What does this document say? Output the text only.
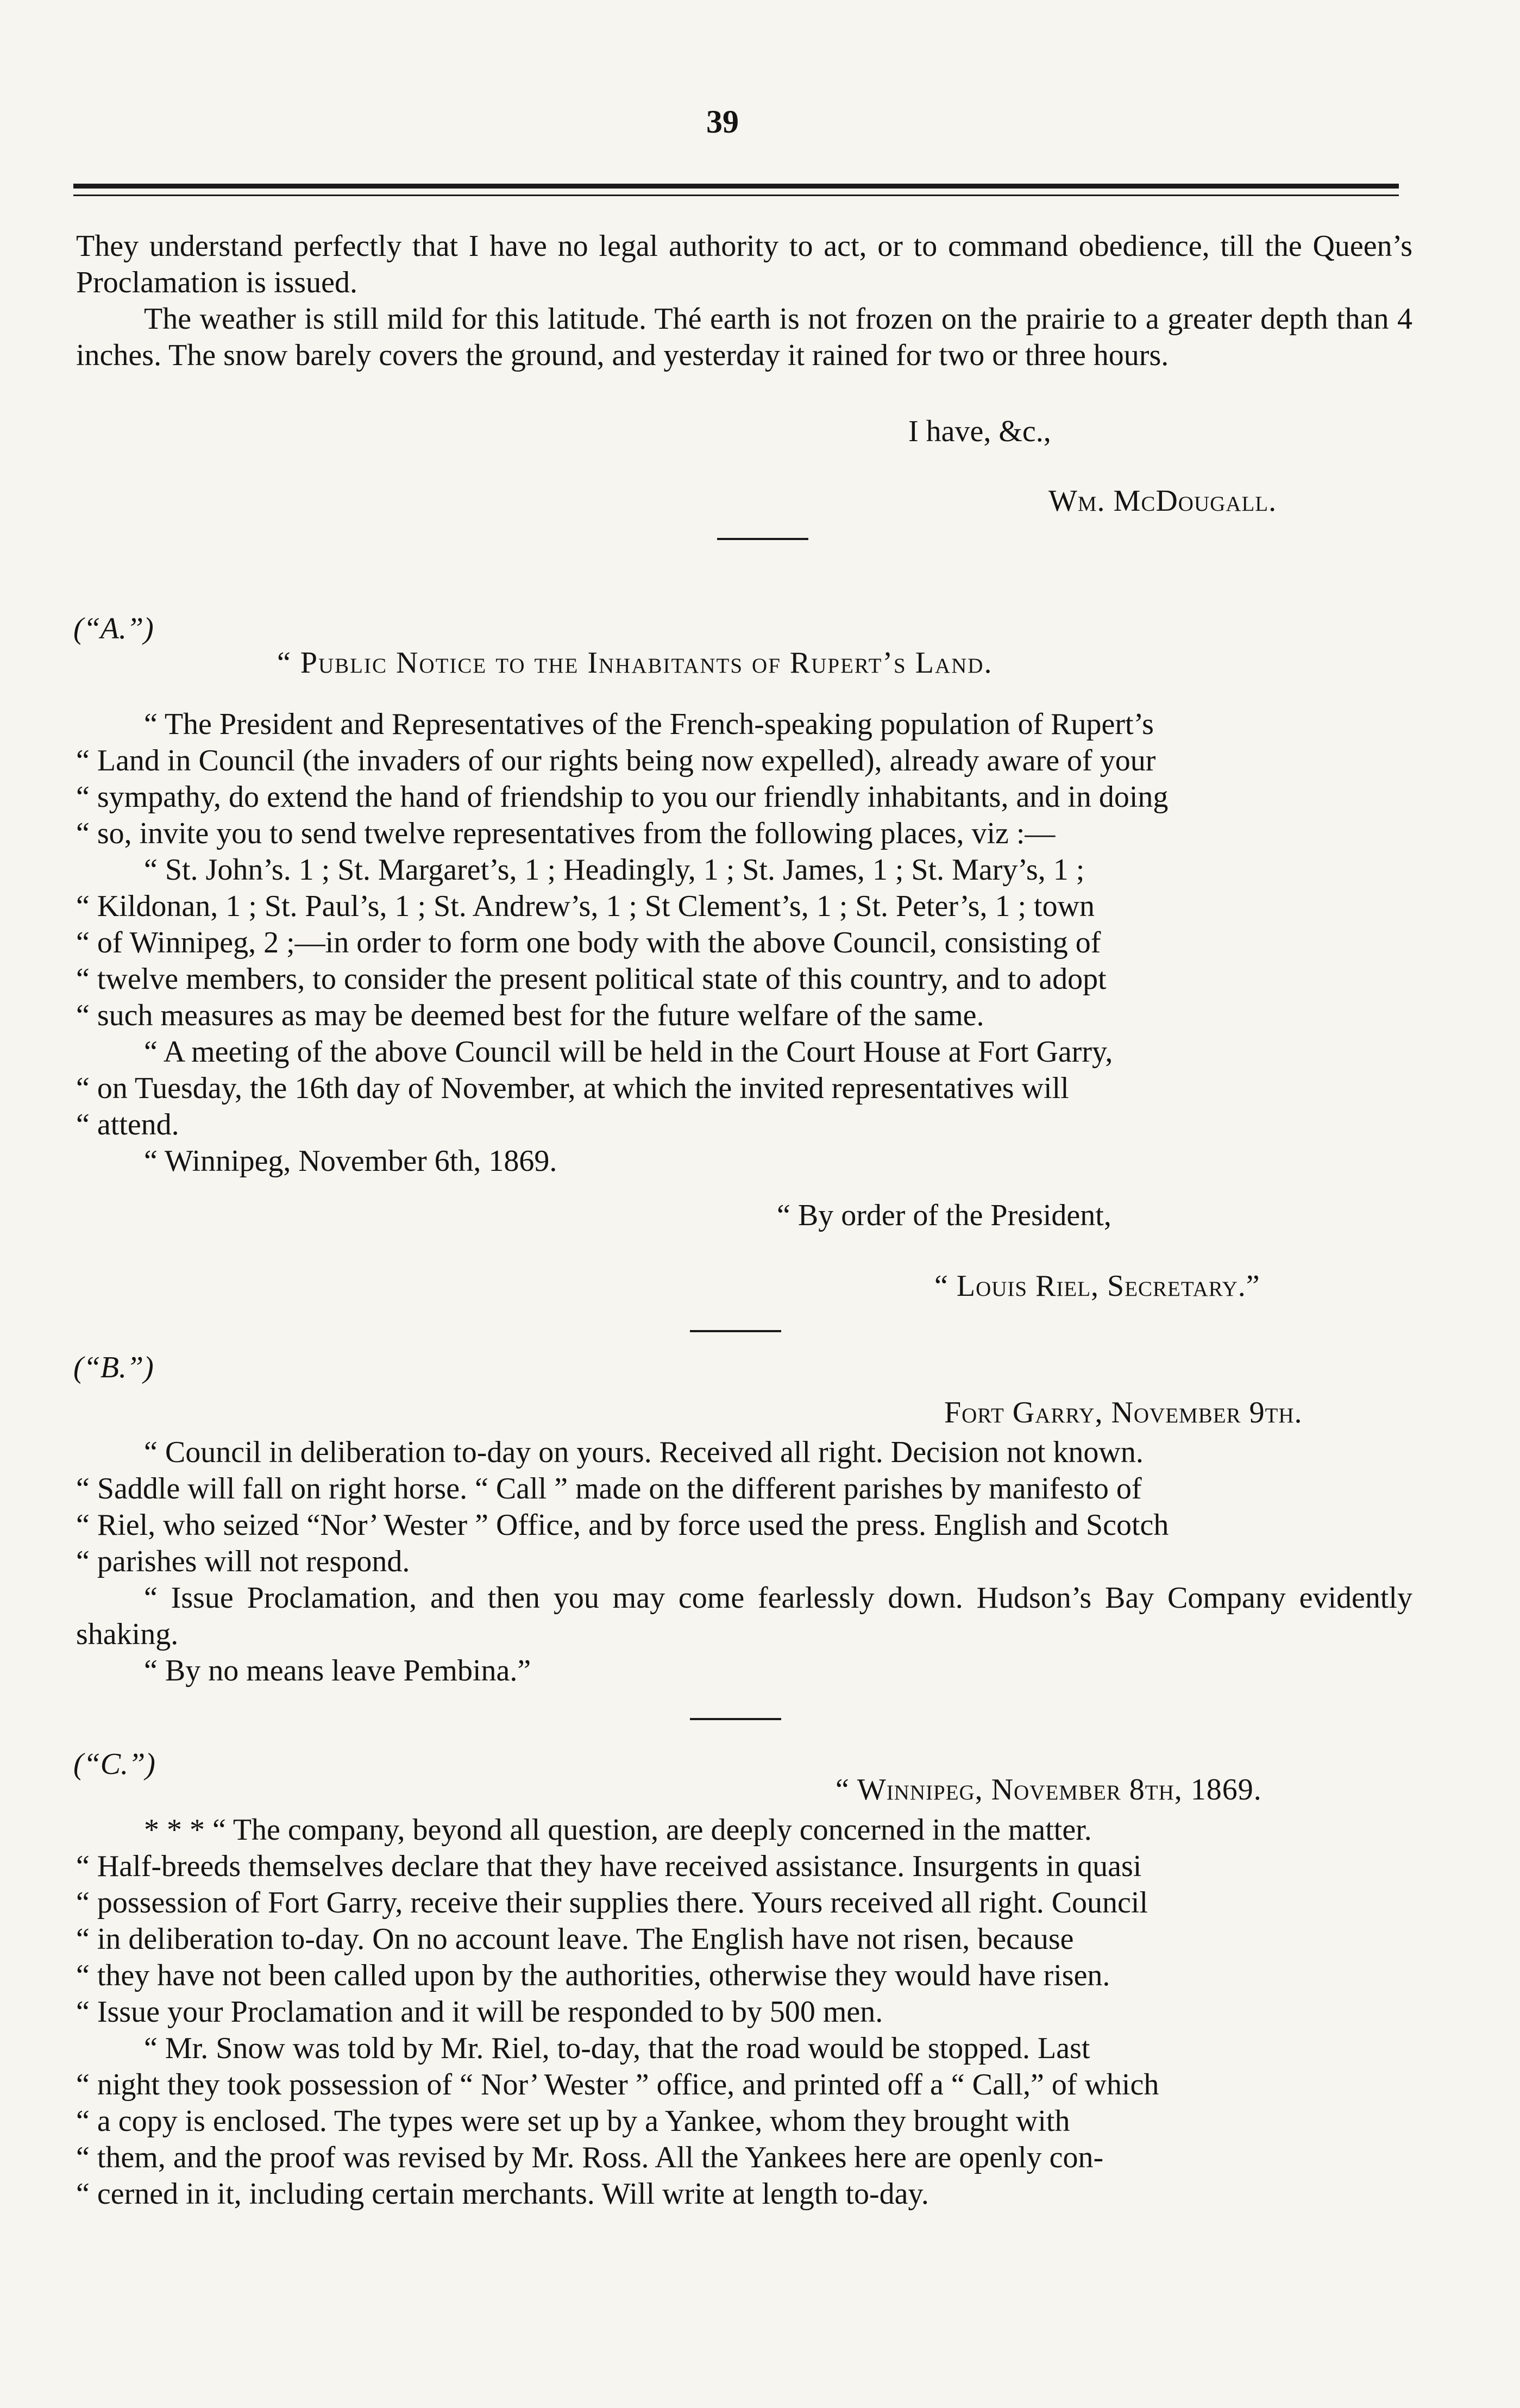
39

They understand perfectly that I have no legal authority to act, or to command obedience, till the Queen’s Proclamation is issued.

The weather is still mild for this latitude. Thé earth is not frozen on the prairie to a greater depth than 4 inches. The snow barely covers the ground, and yesterday it rained for two or three hours.

I have, &c.,
Wm. McDougall.
(“A.”)
“ Public Notice to the Inhabitants of Rupert’s Land.
“ The President and Representatives of the French-speaking population of Rupert’s
“ Land in Council (the invaders of our rights being now expelled), already aware of your
“ sympathy, do extend the hand of friendship to you our friendly inhabitants, and in doing
“ so, invite you to send twelve representatives from the following places, viz :—
“ St. John’s. 1 ; St. Margaret’s, 1 ; Headingly, 1 ; St. James, 1 ; St. Mary’s, 1 ;
“ Kildonan, 1 ; St. Paul’s, 1 ; St. Andrew’s, 1 ; St Clement’s, 1 ; St. Peter’s, 1 ; town
“ of Winnipeg, 2 ;—in order to form one body with the above Council, consisting of
“ twelve members, to consider the present political state of this country, and to adopt
“ such measures as may be deemed best for the future welfare of the same.
“ A meeting of the above Council will be held in the Court House at Fort Garry,
“ on Tuesday, the 16th day of November, at which the invited representatives will
“ attend.
“ Winnipeg, November 6th, 1869.
“ By order of the President,
“ Louis Riel, Secretary.”
(“B.”)
Fort Garry, November 9th.
“ Council in deliberation to-day on yours. Received all right. Decision not known.
“ Saddle will fall on right horse. “ Call ” made on the different parishes by manifesto of
“ Riel, who seized “Nor’ Wester ” Office, and by force used the press. English and Scotch
“ parishes will not respond.

“ Issue Proclamation, and then you may come fearlessly down. Hudson’s Bay Company evidently shaking.

“ By no means leave Pembina.”

(“C.”)
“ Winnipeg, November 8th, 1869.
* * * “ The company, beyond all question, are deeply concerned in the matter.
“ Half-breeds themselves declare that they have received assistance. Insurgents in quasi
“ possession of Fort Garry, receive their supplies there. Yours received all right. Council
“ in deliberation to-day. On no account leave. The English have not risen, because
“ they have not been called upon by the authorities, otherwise they would have risen.
“ Issue your Proclamation and it will be responded to by 500 men.
“ Mr. Snow was told by Mr. Riel, to-day, that the road would be stopped. Last
“ night they took possession of “ Nor’ Wester ” office, and printed off a “ Call,” of which
“ a copy is enclosed. The types were set up by a Yankee, whom they brought with
“ them, and the proof was revised by Mr. Ross. All the Yankees here are openly con-
“ cerned in it, including certain merchants. Will write at length to-day.
